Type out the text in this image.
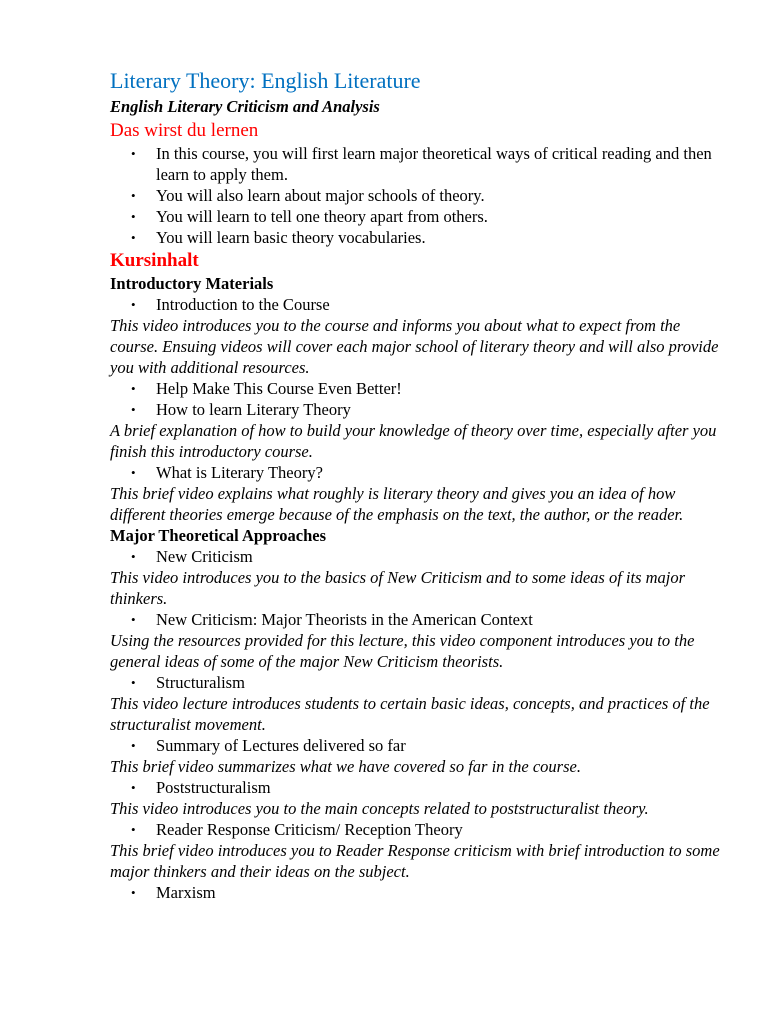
Literary Theory: English Literature
English Literary Criticism and Analysis
Das wirst du lernen
• In this course, you will first learn major theoretical ways of critical reading and then learn to apply them.
• You will also learn about major schools of theory.
• You will learn to tell one theory apart from others.
• You will learn basic theory vocabularies.
Kursinhalt
Introductory Materials
• Introduction to the Course

This video introduces you to the course and informs you about what to expect from the course. Ensuing videos will cover each major school of literary theory and will also provide you with additional resources.

• Help Make This Course Even Better!
• How to learn Literary Theory

A brief explanation of how to build your knowledge of theory over time, especially after you finish this introductory course.

• What is Literary Theory?

This brief video explains what roughly is literary theory and gives you an idea of how different theories emerge because of the emphasis on the text, the author, or the reader.

Major Theoretical Approaches
• New Criticism

This video introduces you to the basics of New Criticism and to some ideas of its major thinkers.

• New Criticism: Major Theorists in the American Context

Using the resources provided for this lecture, this video component introduces you to the general ideas of some of the major New Criticism theorists.

• Structuralism

This video lecture introduces students to certain basic ideas, concepts, and practices of the structuralist movement.

• Summary of Lectures delivered so far

This brief video summarizes what we have covered so far in the course.

• Poststructuralism

This video introduces you to the main concepts related to poststructuralist theory.

• Reader Response Criticism/ Reception Theory

This brief video introduces you to Reader Response criticism with brief introduction to some major thinkers and their ideas on the subject.

• Marxism
